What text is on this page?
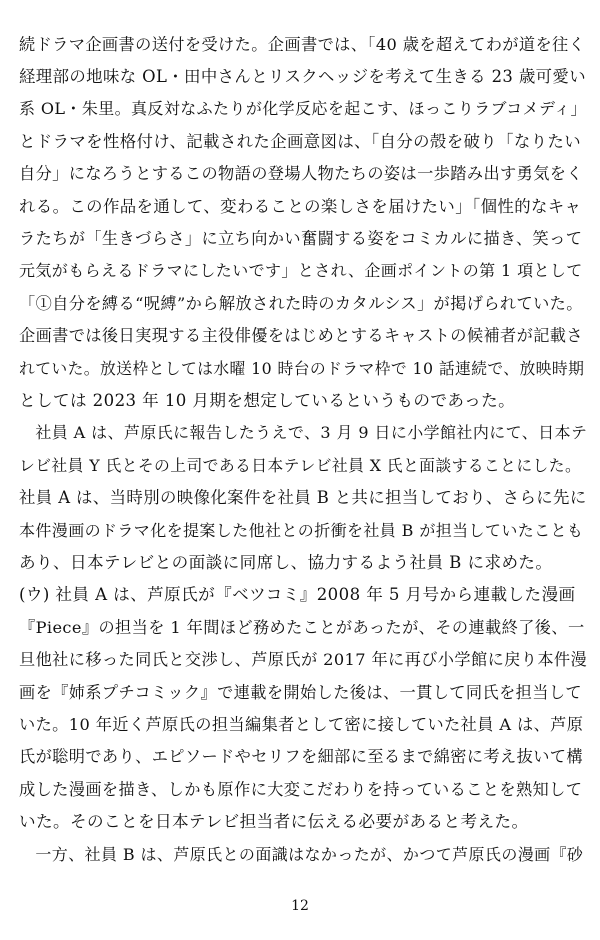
続ドラマ企画書の送付を受けた。企画書では、「40 歳を超えてわが道を往く
経理部の地味な OL・田中さんとリスクヘッジを考えて生きる 23 歳可愛い
系 OL・朱里。真反対なふたりが化学反応を起こす、ほっこりラブコメディ」
とドラマを性格付け、記載された企画意図は、「自分の殻を破り「なりたい
自分」になろうとするこの物語の登場人物たちの姿は一歩踏み出す勇気をく
れる。この作品を通して、変わることの楽しさを届けたい」「個性的なキャ
ラたちが「生きづらさ」に立ち向かい奮闘する姿をコミカルに描き、笑って
元気がもらえるドラマにしたいです」とされ、企画ポイントの第 1 項として
「①自分を縛る“呪縛”から解放された時のカタルシス」が掲げられていた。
企画書では後日実現する主役俳優をはじめとするキャストの候補者が記載さ
れていた。放送枠としては水曜 10 時台のドラマ枠で 10 話連続で、放映時期
としては 2023 年 10 月期を想定しているというものであった。
　社員 A は、芦原氏に報告したうえで、3 月 9 日に小学館社内にて、日本テ
レビ社員 Y 氏とその上司である日本テレビ社員 X 氏と面談することにした。
社員 A は、当時別の映像化案件を社員 B と共に担当しており、さらに先に
本件漫画のドラマ化を提案した他社との折衝を社員 B が担当していたことも
あり、日本テレビとの面談に同席し、協力するよう社員 B に求めた。
(ウ) 社員 A は、芦原氏が『ベツコミ』2008 年 5 月号から連載した漫画
『Piece』の担当を 1 年間ほど務めたことがあったが、その連載終了後、一
旦他社に移った同氏と交渉し、芦原氏が 2017 年に再び小学館に戻り本件漫
画を『姉系プチコミック』で連載を開始した後は、一貫して同氏を担当して
いた。10 年近く芦原氏の担当編集者として密に接していた社員 A は、芦原
氏が聡明であり、エピソードやセリフを細部に至るまで綿密に考え抜いて構
成した漫画を描き、しかも原作に大変こだわりを持っていることを熟知して
いた。そのことを日本テレビ担当者に伝える必要があると考えた。
　一方、社員 B は、芦原氏との面識はなかったが、かつて芦原氏の漫画『砂
12
